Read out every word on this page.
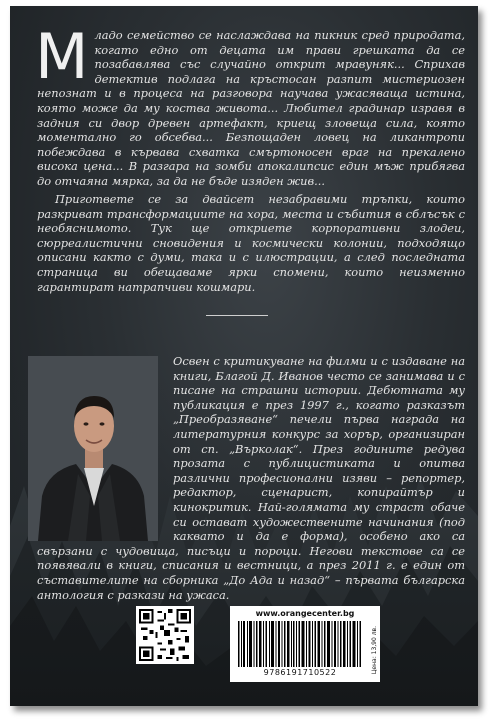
Младо семейство се наслаждава на пикник сред природата, когато едно от децата им прави грешката да се позабавлява със случайно открит мравуняк... Сприхав детектив подлага на кръстосан разпит мистериозен непознат и в процеса на разговора научава ужасяваща истина, която може да му коства живота... Любител градинар изравя в задния си двор древен артефакт, криещ зловеща сила, която моментално го обсебва... Безпощаден ловец на ликантропи побеждава в кървава схватка смъртоносен враг на прекалено висока цена... В разгара на зомби апокалипсис един мъж прибягва до отчаяна мярка, за да не бъде изяден жив...

Пригответе се за двайсет незабравими тръпки, които разкриват трансформациите на хора, места и събития в сблъсък с необяснимото. Тук ще откриете корпоративни злодеи, сюрреалистични сновидения и космически колонии, подходящо описани както с думи, така и с илюстрации, а след последната страница ви обещаваме ярки спомени, които неизменно гарантират натрапчиви кошмари.

Освен с критикуване на филми и с издаване на книги, Благой Д. Иванов често се занимава и с писане на страшни истории. Дебютната му публикация е през 1997 г., когато разказът „Преобразяване“ печели първа награда на литературния конкурс за хорър, организиран от сп. „Върколак“. През годините редува прозата с публицистиката и опитва различни професионални изяви – репортер, редактор, сценарист, копирайтър и кинокритик. Най-голямата му страст обаче си остават художествените начинания (под каквато и да е форма), особено ако са свързани с чудовища, писъци и пороци. Негови текстове са се появявали в книги, списания и вестници, а през 2011 г. е един от съставителите на сборника „До Ада и назад“ – първата българска антология с разкази на ужаса.

www.orangecenter.bg
Цена: 13,90 лв.
9786191710522
